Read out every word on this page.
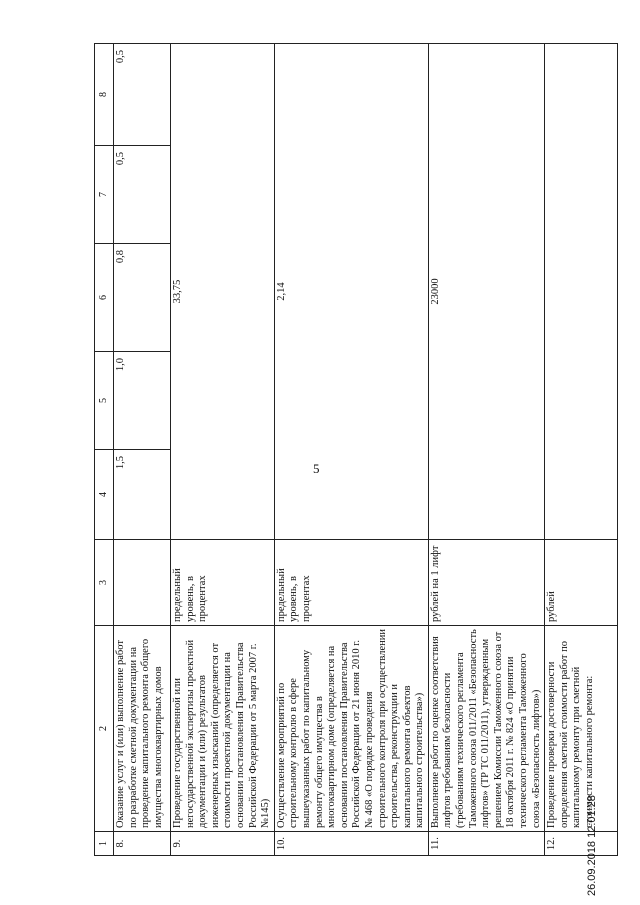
5
1	2	3	4	5	6	7	8
8.	Оказание услуг и (или) выполнение работ по разработке сметной документации на проведение капитального ремонта общего имущества многоквартирных домов		1,5	1,0	0,8	0,5	0,5
9.	Проведение государственной или негосударственной экспертизы проектной документации и (или) результатов инженерных изысканий (определяется от стоимости проектной документации на основании постановления Правительства Российской Федерации от 5 марта 2007 г. №145)	предельный уровень, в процентах	33,75				
10.	Осуществление мероприятий по строительному контролю в сфере вышеуказанных работ по капитальному ремонту общего имущества в многоквартирном доме (определяется на основании постановления Правительства Российской Федерации от 21 июня 2010 г. № 468 «О порядке проведения строительного контроля при осуществлении строительства, реконструкции и капитального ремонта объектов капитального строительства»)	предельный уровень, в процентах	2,14				
11.	Выполнение работ по оценке соответствия лифтов требованиям безопасности (требованиям технического регламента Таможенного союза 011/2011 «Безопасность лифтов» (ТР ТС 011/2011), утвержденным решением Комиссии Таможенного союза от 18 октября 2011 г. № 824 «О принятии технического регламента Таможенного союза «Безопасность лифтов»)	рублей на 1 лифт	23000				
12.	Проведение проверки достоверности определения сметной стоимости работ по капитальному ремонту при сметной стоимости капитального ремонта:	рублей					
26.09.2018 12:01:28
